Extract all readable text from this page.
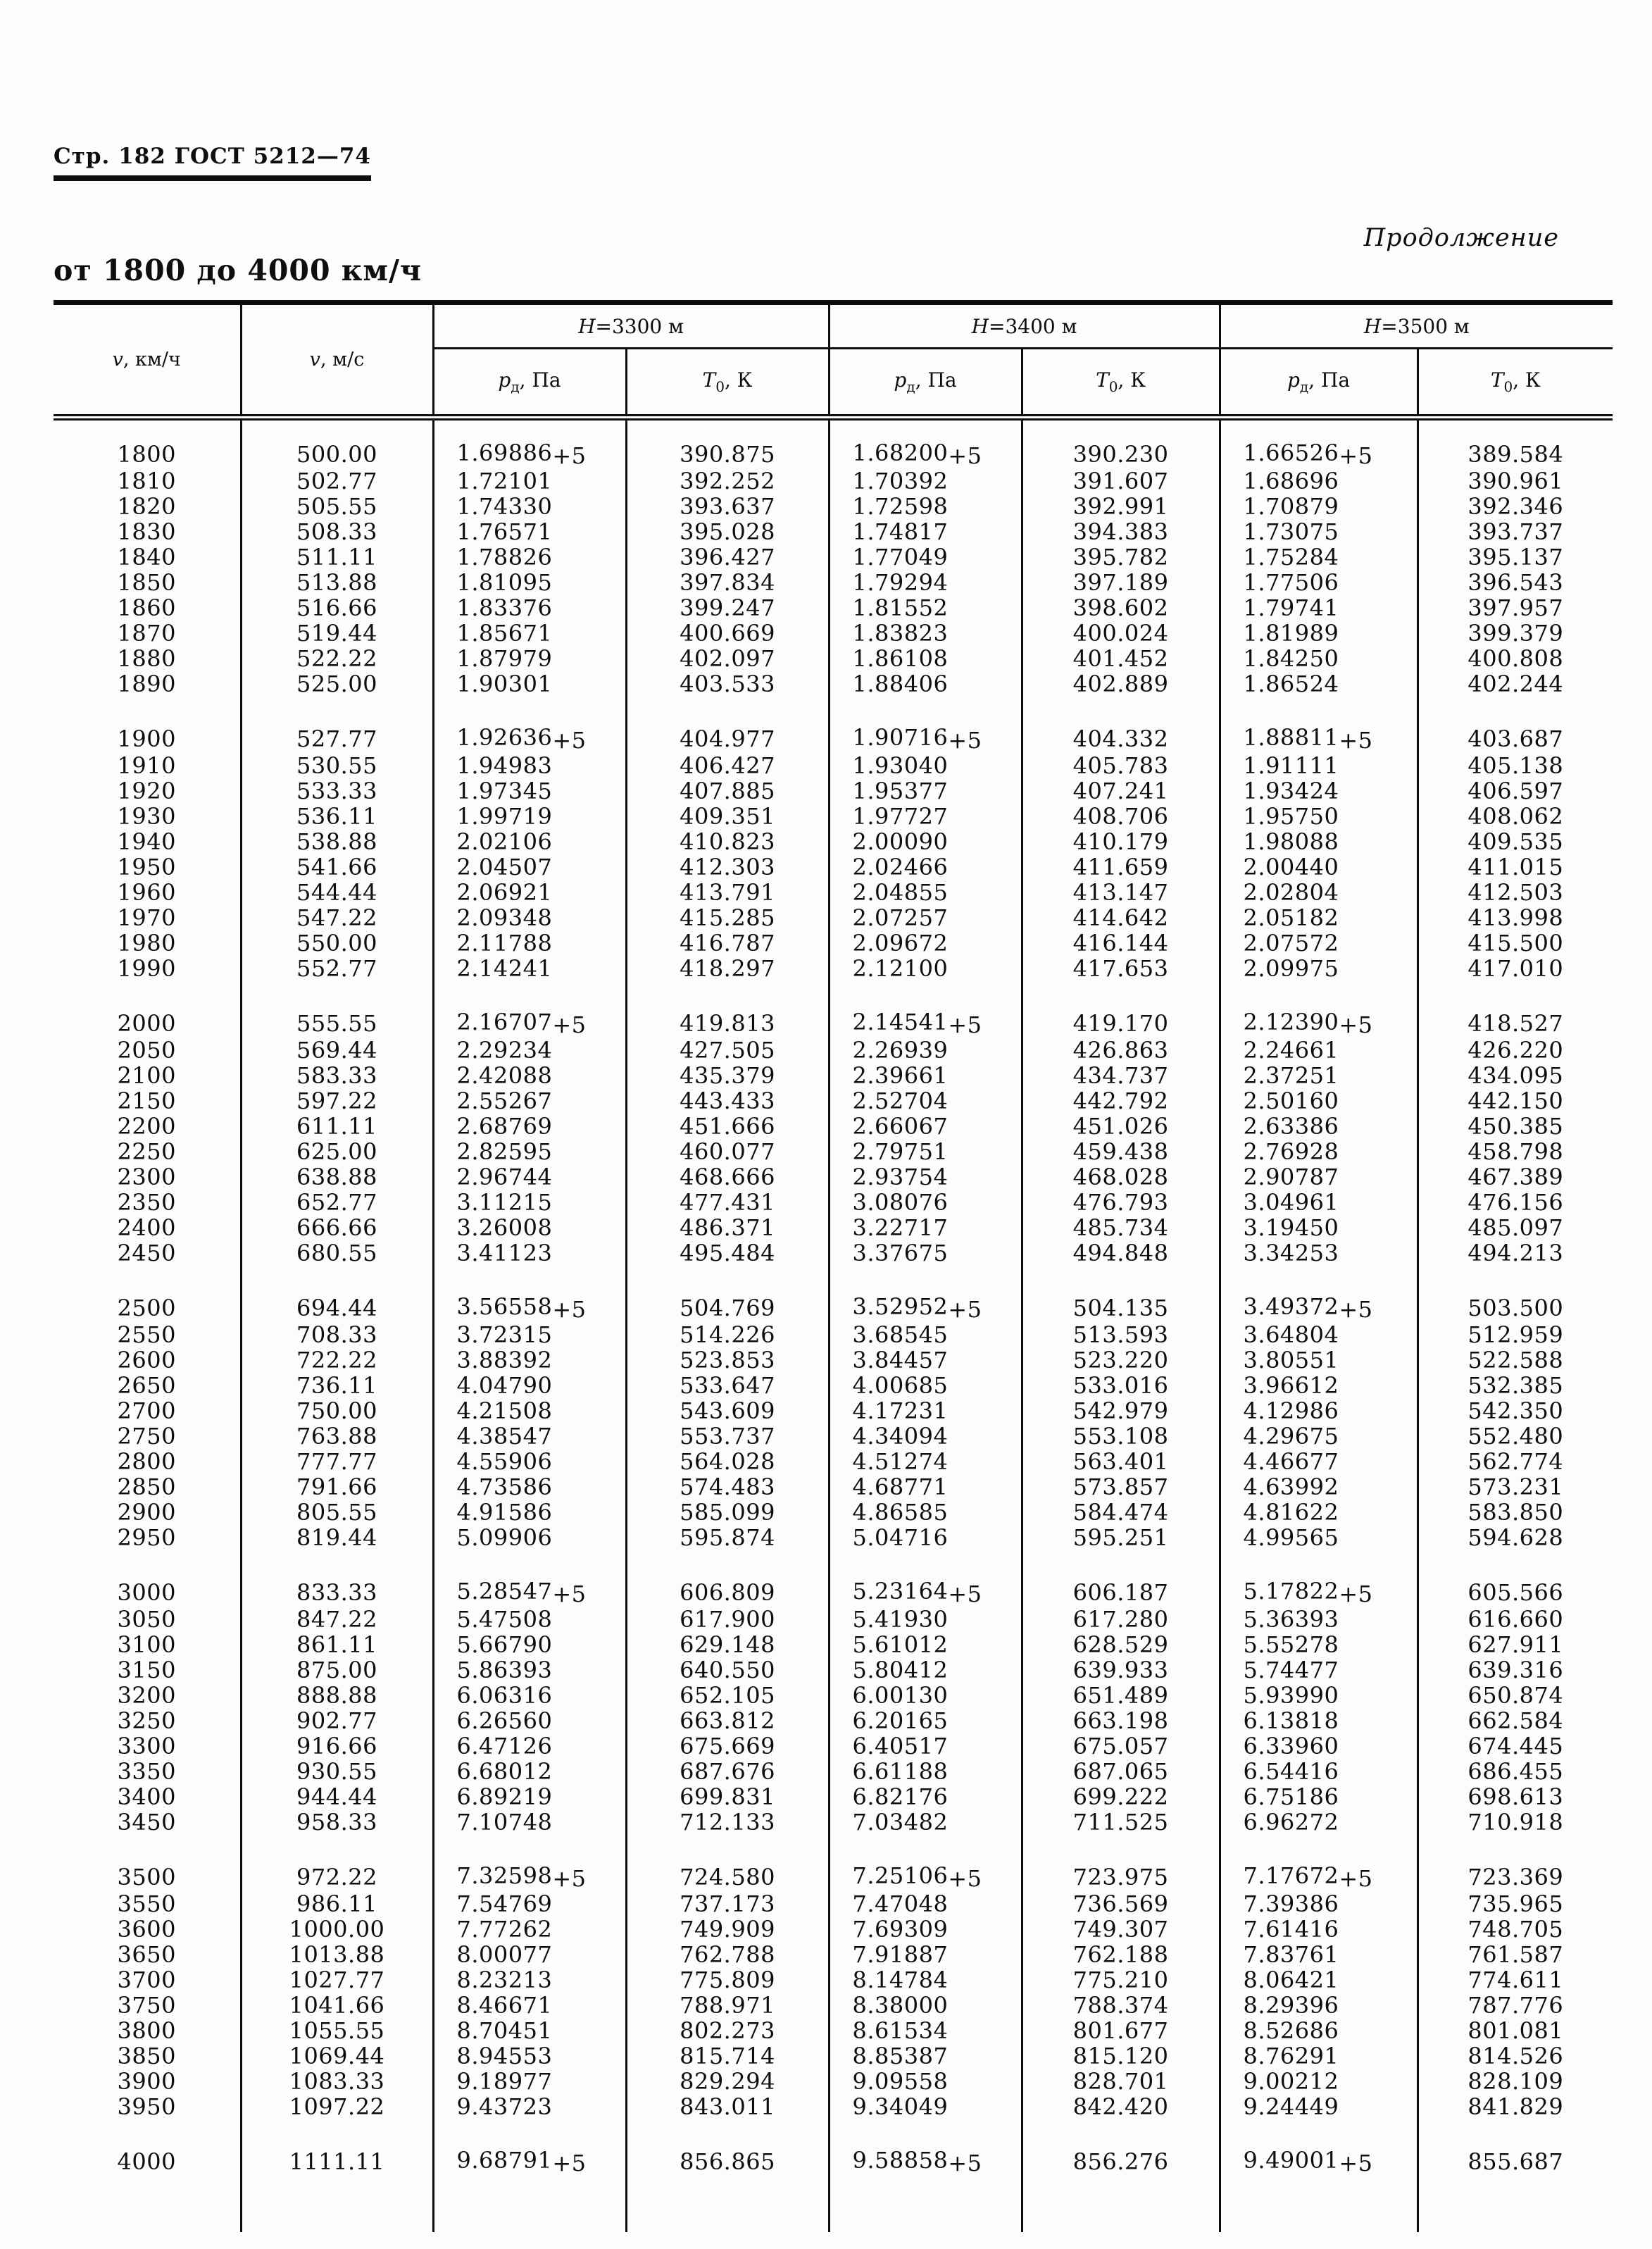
Стр. 182 ГОСТ 5212—74
Продолжение
от 1800 до 4000 км/ч
v, км/ч	v, м/с	H=3300 м		H=3400 м		H=3500 м	
		$p_д$, Па	$T_0$, К	$p_д$, Па	$T_0$, К	$p_д$, Па	$T_0$, К

1800	500.00	1.69886+5	390.875	1.68200+5	390.230	1.66526+5	389.584
1810	502.77	1.72101	392.252	1.70392	391.607	1.68696	390.961
1820	505.55	1.74330	393.637	1.72598	392.991	1.70879	392.346
1830	508.33	1.76571	395.028	1.74817	394.383	1.73075	393.737
1840	511.11	1.78826	396.427	1.77049	395.782	1.75284	395.137
1850	513.88	1.81095	397.834	1.79294	397.189	1.77506	396.543
1860	516.66	1.83376	399.247	1.81552	398.602	1.79741	397.957
1870	519.44	1.85671	400.669	1.83823	400.024	1.81989	399.379
1880	522.22	1.87979	402.097	1.86108	401.452	1.84250	400.808
1890	525.00	1.90301	403.533	1.88406	402.889	1.86524	402.244

1900	527.77	1.92636+5	404.977	1.90716+5	404.332	1.88811+5	403.687
1910	530.55	1.94983	406.427	1.93040	405.783	1.91111	405.138
1920	533.33	1.97345	407.885	1.95377	407.241	1.93424	406.597
1930	536.11	1.99719	409.351	1.97727	408.706	1.95750	408.062
1940	538.88	2.02106	410.823	2.00090	410.179	1.98088	409.535
1950	541.66	2.04507	412.303	2.02466	411.659	2.00440	411.015
1960	544.44	2.06921	413.791	2.04855	413.147	2.02804	412.503
1970	547.22	2.09348	415.285	2.07257	414.642	2.05182	413.998
1980	550.00	2.11788	416.787	2.09672	416.144	2.07572	415.500
1990	552.77	2.14241	418.297	2.12100	417.653	2.09975	417.010

2000	555.55	2.16707+5	419.813	2.14541+5	419.170	2.12390+5	418.527
2050	569.44	2.29234	427.505	2.26939	426.863	2.24661	426.220
2100	583.33	2.42088	435.379	2.39661	434.737	2.37251	434.095
2150	597.22	2.55267	443.433	2.52704	442.792	2.50160	442.150
2200	611.11	2.68769	451.666	2.66067	451.026	2.63386	450.385
2250	625.00	2.82595	460.077	2.79751	459.438	2.76928	458.798
2300	638.88	2.96744	468.666	2.93754	468.028	2.90787	467.389
2350	652.77	3.11215	477.431	3.08076	476.793	3.04961	476.156
2400	666.66	3.26008	486.371	3.22717	485.734	3.19450	485.097
2450	680.55	3.41123	495.484	3.37675	494.848	3.34253	494.213

2500	694.44	3.56558+5	504.769	3.52952+5	504.135	3.49372+5	503.500
2550	708.33	3.72315	514.226	3.68545	513.593	3.64804	512.959
2600	722.22	3.88392	523.853	3.84457	523.220	3.80551	522.588
2650	736.11	4.04790	533.647	4.00685	533.016	3.96612	532.385
2700	750.00	4.21508	543.609	4.17231	542.979	4.12986	542.350
2750	763.88	4.38547	553.737	4.34094	553.108	4.29675	552.480
2800	777.77	4.55906	564.028	4.51274	563.401	4.46677	562.774
2850	791.66	4.73586	574.483	4.68771	573.857	4.63992	573.231
2900	805.55	4.91586	585.099	4.86585	584.474	4.81622	583.850
2950	819.44	5.09906	595.874	5.04716	595.251	4.99565	594.628

3000	833.33	5.28547+5	606.809	5.23164+5	606.187	5.17822+5	605.566
3050	847.22	5.47508	617.900	5.41930	617.280	5.36393	616.660
3100	861.11	5.66790	629.148	5.61012	628.529	5.55278	627.911
3150	875.00	5.86393	640.550	5.80412	639.933	5.74477	639.316
3200	888.88	6.06316	652.105	6.00130	651.489	5.93990	650.874
3250	902.77	6.26560	663.812	6.20165	663.198	6.13818	662.584
3300	916.66	6.47126	675.669	6.40517	675.057	6.33960	674.445
3350	930.55	6.68012	687.676	6.61188	687.065	6.54416	686.455
3400	944.44	6.89219	699.831	6.82176	699.222	6.75186	698.613
3450	958.33	7.10748	712.133	7.03482	711.525	6.96272	710.918

3500	972.22	7.32598+5	724.580	7.25106+5	723.975	7.17672+5	723.369
3550	986.11	7.54769	737.173	7.47048	736.569	7.39386	735.965
3600	1000.00	7.77262	749.909	7.69309	749.307	7.61416	748.705
3650	1013.88	8.00077	762.788	7.91887	762.188	7.83761	761.587
3700	1027.77	8.23213	775.809	8.14784	775.210	8.06421	774.611
3750	1041.66	8.46671	788.971	8.38000	788.374	8.29396	787.776
3800	1055.55	8.70451	802.273	8.61534	801.677	8.52686	801.081
3850	1069.44	8.94553	815.714	8.85387	815.120	8.76291	814.526
3900	1083.33	9.18977	829.294	9.09558	828.701	9.00212	828.109
3950	1097.22	9.43723	843.011	9.34049	842.420	9.24449	841.829

4000	1111.11	9.68791+5	856.865	9.58858+5	856.276	9.49001+5	855.687
